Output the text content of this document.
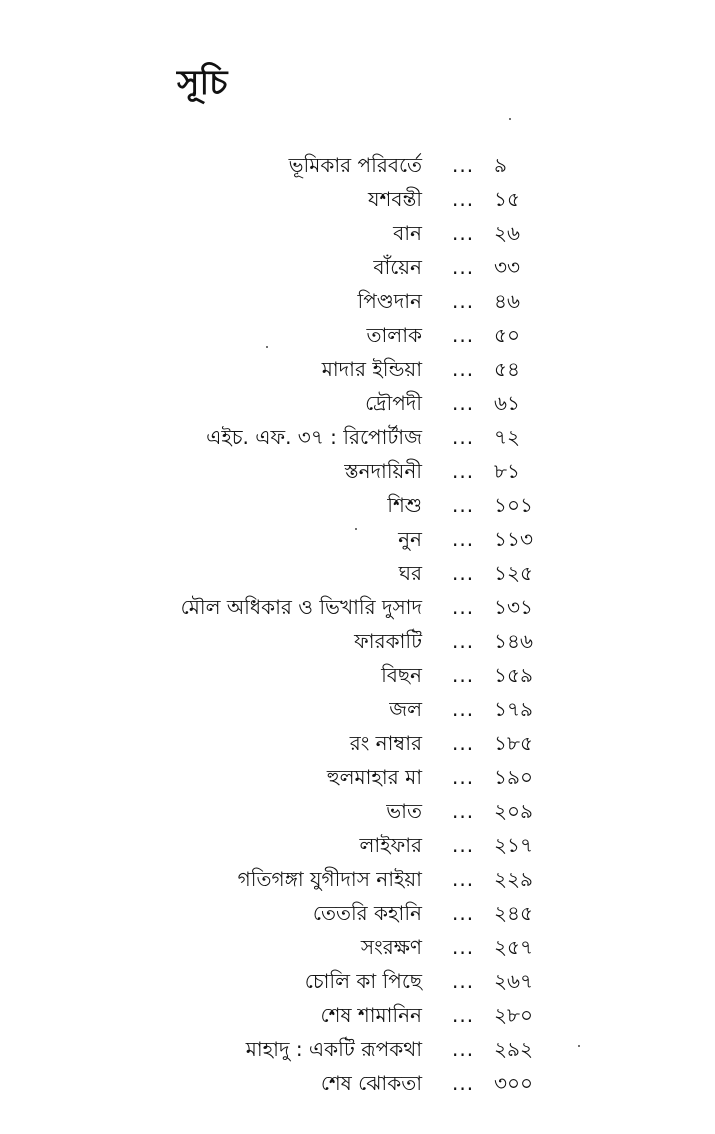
সূচি
ভূমিকার পরিবর্তে ... ৯
যশবন্তী ... ১৫
বান ... ২৬
বাঁয়েন ... ৩৩
পিণ্ডদান ... ৪৬
তালাক ... ৫০
মাদার ইন্ডিয়া ... ৫৪
দ্রৌপদী ... ৬১
এইচ. এফ. ৩৭ : রিপোর্টাজ ... ৭২
স্তনদায়িনী ... ৮১
শিশু ... ১০১
নুন ... ১১৩
ঘর ... ১২৫
মৌল অধিকার ও ভিখারি দুসাদ ... ১৩১
ফারকাটি ... ১৪৬
বিছন ... ১৫৯
জল ... ১৭৯
রং নাম্বার ... ১৮৫
হুলমাহার মা ... ১৯০
ভাত ... ২০৯
লাইফার ... ২১৭
গতিগঙ্গা যুগীদাস নাইয়া ... ২২৯
তেতরি কহানি ... ২৪৫
সংরক্ষণ ... ২৫৭
চোলি কা পিছে ... ২৬৭
শেষ শামানিন ... ২৮০
মাহাদু : একটি রূপকথা ... ২৯২
শেষ ঝোকতা ... ৩০০
